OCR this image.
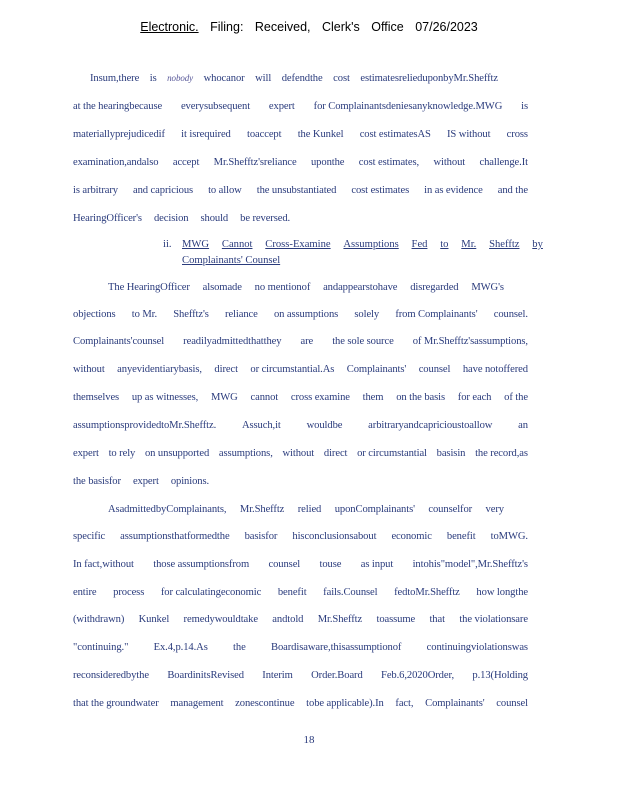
Electronic. Filing: Received, Clerk's Office 07/26/2023
Insum,there is nobody whocanor will defendthe cost estimatesrelieduponbyMr.Shefftz
at the hearingbecause everysubsequent expert for Complainantsdeniesanyknowledge.MWG is
materiallyprejudicedif it isrequired toaccept the Kunkel cost estimatesAS IS without cross
examination,andalso accept Mr.Shefftz'sreliance uponthe cost estimates, without challenge.It
is arbitrary and capricious to allow the unsubstantiated cost estimates in as evidence and the
HearingOfficer's decision should be reversed.
ii. MWG Cannot Cross-Examine Assumptions Fed to Mr. Shefftz by
Complainants' Counsel
The HearingOfficer alsomade no mentionof andappearstohave disregarded MWG's
objections to Mr. Shefftz's reliance on assumptions solely from Complainants' counsel.
Complainants'counsel readilyadmittedthatthey are the sole source of Mr.Shefftz'sassumptions,
without anyevidentiarybasis, direct or circumstantial.As Complainants' counsel have notoffered
themselves up as witnesses, MWG cannot cross examine them on the basis for each of the
assumptionsprovidedtoMr.Shefftz. Assuch,it wouldbe arbitraryandcapricioustoallow an
expert to rely on unsupported assumptions, without direct or circumstantial basisin the record,as
the basisfor expert opinions.
AsadmittedbyComplainants, Mr.Shefftz relied uponComplainants' counselfor very
specific assumptionsthatformedthe basisfor hisconclusionsabout economic benefit toMWG.
In fact,without those assumptionsfrom counsel touse as input intohis"model",Mr.Shefftz's
entire process for calculatingeconomic benefit fails.Counsel fedtoMr.Shefftz how longthe
(withdrawn) Kunkel remedywouldtake andtold Mr.Shefftz toassume that the violationsare
"continuing." Ex.4,p.14.As the Boardisaware,thisassumptionof continuingviolationswas
reconsideredbythe BoardinitsRevised Interim Order.Board Feb.6,2020Order, p.13(Holding
that the groundwater management zonescontinue tobe applicable).In fact, Complainants' counsel
18
